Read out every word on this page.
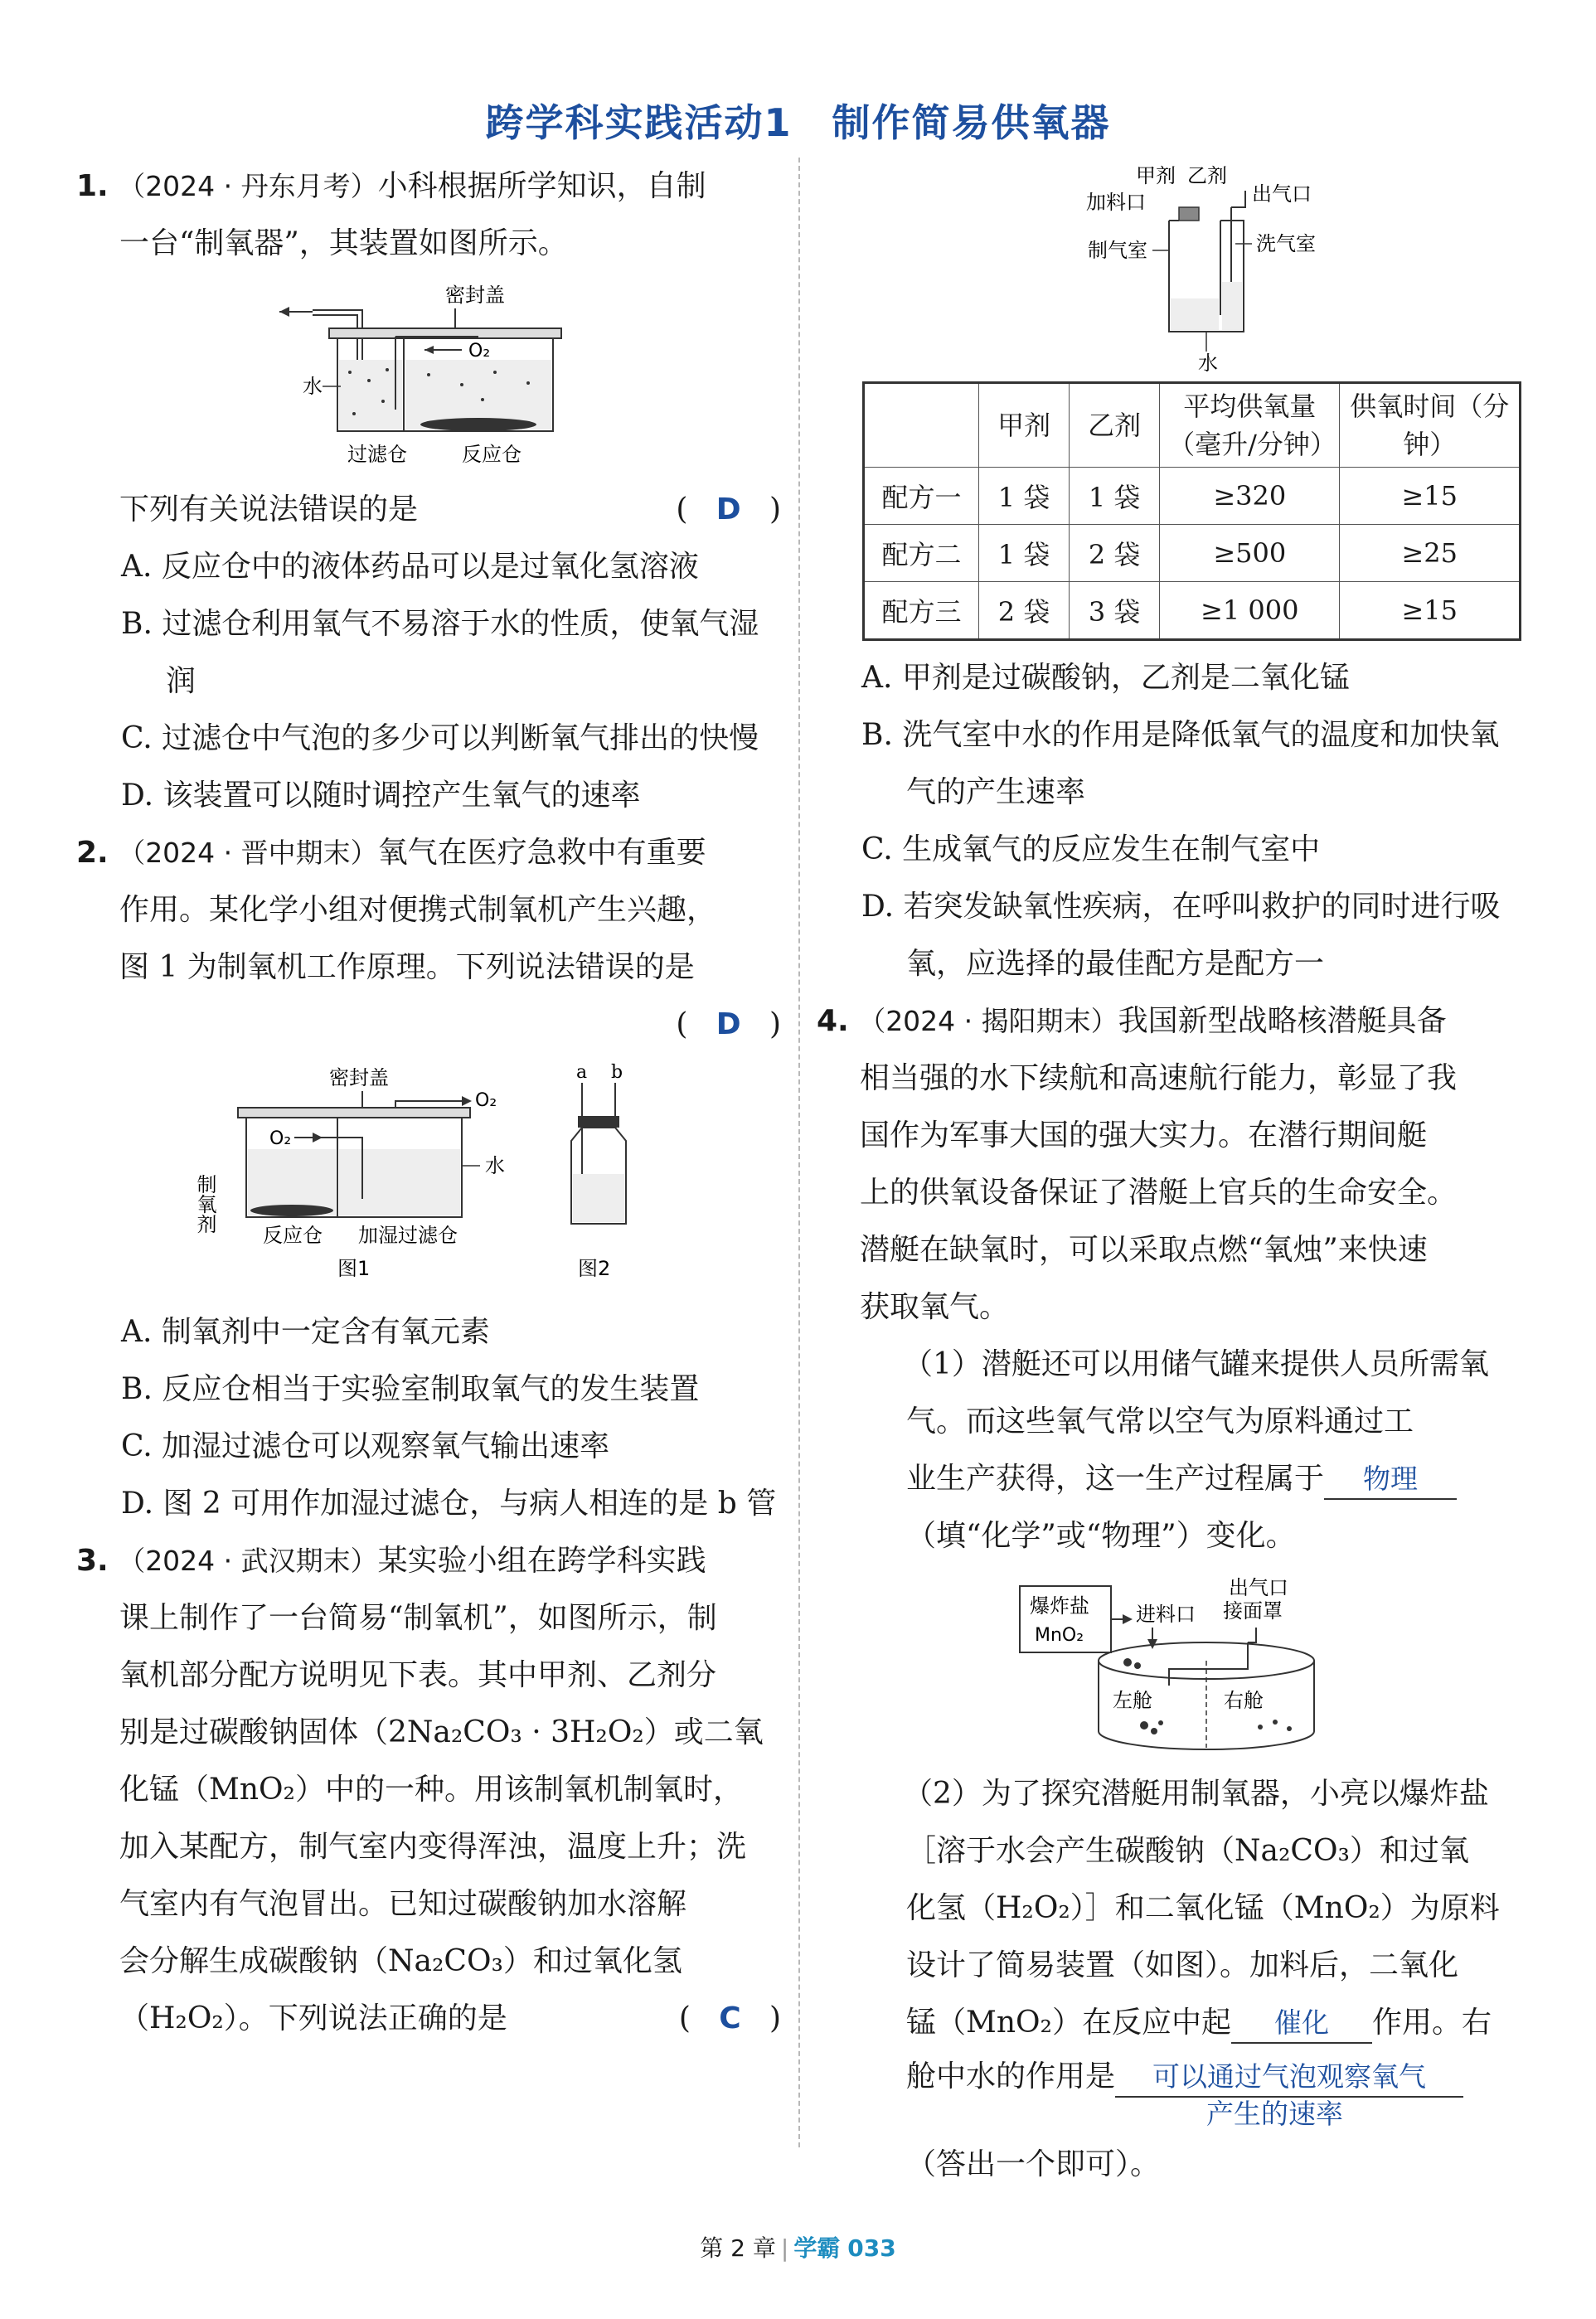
跨学科实践活动1　制作简易供氧器
1. （2024 · 丹东月考）小科根据所学知识，自制
一台“制氧器”，其装置如图所示。
密封盖
O₂
水
过滤仓	反应仓
下列有关说法错误的是	(   D   )
A. 反应仓中的液体药品可以是过氧化氢溶液
B. 过滤仓利用氧气不易溶于水的性质，使氧气湿润
C. 过滤仓中气泡的多少可以判断氧气排出的快慢
D. 该装置可以随时调控产生氧气的速率
2. （2024 · 晋中期末）氧气在医疗急救中有重要
作用。某化学小组对便携式制氧机产生兴趣，
图 1 为制氧机工作原理。下列说法错误的是
(   D   )
密封盖
O₂
O₂
水
制氧剂
反应仓 加湿过滤仓
图1
a b
图2
A. 制氧剂中一定含有氧元素
B. 反应仓相当于实验室制取氧气的发生装置
C. 加湿过滤仓可以观察氧气输出速率
D. 图 2 可用作加湿过滤仓，与病人相连的是 b 管
3. （2024 · 武汉期末）某实验小组在跨学科实践
课上制作了一台简易“制氧机”，如图所示，制
氧机部分配方说明见下表。其中甲剂、乙剂分
别是过碳酸钠固体（2Na₂CO₃ · 3H₂O₂）或二氧
化锰（MnO₂）中的一种。用该制氧机制氧时，
加入某配方，制气室内变得浑浊，温度上升；洗
气室内有气泡冒出。已知过碳酸钠加水溶解
会分解生成碳酸钠（Na₂CO₃）和过氧化氢
（H₂O₂）。下列说法正确的是	(   C   )
甲剂 乙剂
加料口	出气口
制气室	洗气室
水
	甲剂	乙剂	平均供氧量（毫升/分钟）	供氧时间（分钟）
配方一	1 袋	1 袋	≥320	≥15
配方二	1 袋	2 袋	≥500	≥25
配方三	2 袋	3 袋	≥1 000	≥15
A. 甲剂是过碳酸钠，乙剂是二氧化锰
B. 洗气室中水的作用是降低氧气的温度和加快氧气的产生速率
C. 生成氧气的反应发生在制气室中
D. 若突发缺氧性疾病，在呼叫救护的同时进行吸氧，应选择的最佳配方是配方一
4. （2024 · 揭阳期末）我国新型战略核潜艇具备
相当强的水下续航和高速航行能力，彰显了我
国作为军事大国的强大实力。在潜行期间艇
上的供氧设备保证了潜艇上官兵的生命安全。
潜艇在缺氧时，可以采取点燃“氧烛”来快速
获取氧气。
（1）潜艇还可以用储气罐来提供人员所需氧
气。而这些氧气常以空气为原料通过工
业生产获得，这一生产过程属于 物理
（填“化学”或“物理”）变化。
爆炸盐
MnO₂
进料口
出气口
接面罩
左舱	右舱
（2）为了探究潜艇用制氧器，小亮以爆炸盐
［溶于水会产生碳酸钠（Na₂CO₃）和过氧
化氢（H₂O₂）］和二氧化锰（MnO₂）为原料
设计了简易装置（如图）。加料后，二氧化
锰（MnO₂）在反应中起 催化 作用。右
舱中水的作用是 可以通过气泡观察氧气
产生的速率
（答出一个即可）。
第 2 章 | 学霸 033
